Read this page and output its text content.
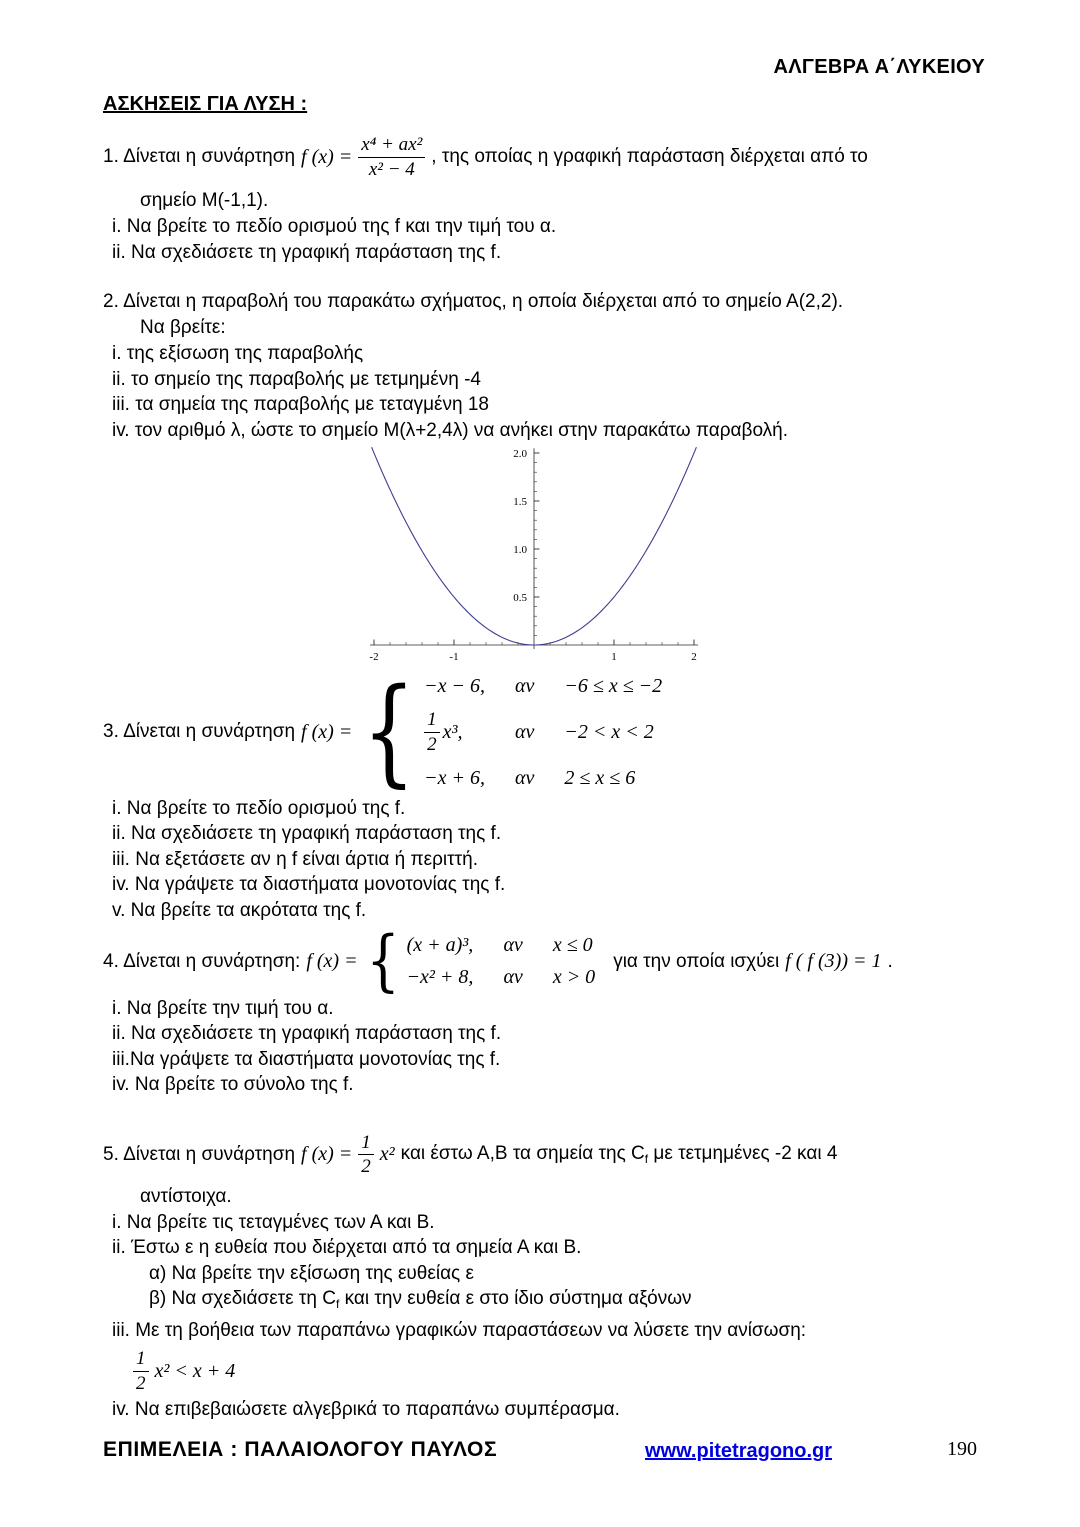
ΑΛΓΕΒΡΑ Α΄ΛΥΚΕΙΟΥ
ΑΣΚΗΣΕΙΣ ΓΙΑ ΛΥΣΗ :
1. Δίνεται η συνάρτηση f $(x) = \frac{\text{x⁴ + ax²}}{\text{x² − 4}}$ , της οποίας η γραφική παράσταση διέρχεται από το
σημείο Μ(-1,1).
i. Να βρείτε το πεδίο ορισμού της f και την τιμή του α.
ii. Να σχεδιάσετε τη γραφική παράσταση της f.
2. Δίνεται η παραβολή του παρακάτω σχήματος, η οποία διέρχεται από το σημείο Α(2,2).
Να βρείτε:
i. της εξίσωση της παραβολής
ii. το σημείο της παραβολής με τετμημένη -4
iii. τα σημεία της παραβολής με τεταγμένη 18
iv. τον αριθμό λ, ώστε το σημείο Μ(λ+2,4λ) να ανήκει στην παρακάτω παραβολή.
-2	-1	1	2
0.5
1.0
1.5
2.0
3. Δίνεται η συνάρτηση f (x) = { −x − 6, αν −6 ≤ x ≤ −2
$\frac{1}{2} x^3$,	αν −2 < x < 2
−x + 6, αν 2 ≤ x ≤ 6
i. Να βρείτε το πεδίο ορισμού της f.
ii. Να σχεδιάσετε τη γραφική παράσταση της f.
iii. Να εξετάσετε αν η f είναι άρτια ή περιττή.
iv. Να γράψετε τα διαστήματα μονοτονίας της f.
v. Να βρείτε τα ακρότατα της f.
4. Δίνεται η συνάρτηση: f (x) = { (x + a)³, αν x ≤ 0
−x² + 8, αν x > 0
για την οποία ισχύει f ( f (3)) = 1 .
i. Να βρείτε την τιμή του α.
ii. Να σχεδιάσετε τη γραφική παράσταση της f.
iii.Να γράψετε τα διαστήματα μονοτονίας της f.
iv. Να βρείτε το σύνολο της f.
5. Δίνεται η συνάρτηση f $(x) = \frac{1}{2} x^2$ και έστω Α,Β τα σημεία της $C_f$ με τετμημένες -2 και 4
αντίστοιχα.
i. Να βρείτε τις τεταγμένες των Α και Β.
ii. Έστω ε η ευθεία που διέρχεται από τα σημεία Α και Β.
α) Να βρείτε την εξίσωση της ευθείας ε
β) Να σχεδιάσετε τη $C_f$ και την ευθεία ε στο ίδιο σύστημα αξόνων
iii. Με τη βοήθεια των παραπάνω γραφικών παραστάσεων να λύσετε την ανίσωση:
$\frac{1}{2} x^2 < x + 4$
iv. Να επιβεβαιώσετε αλγεβρικά το παραπάνω συμπέρασμα.
ΕΠΙΜΕΛΕΙΑ : ΠΑΛΑΙΟΛΟΓΟΥ ΠΑΥΛΟΣ	www.pitetragono.gr	190
